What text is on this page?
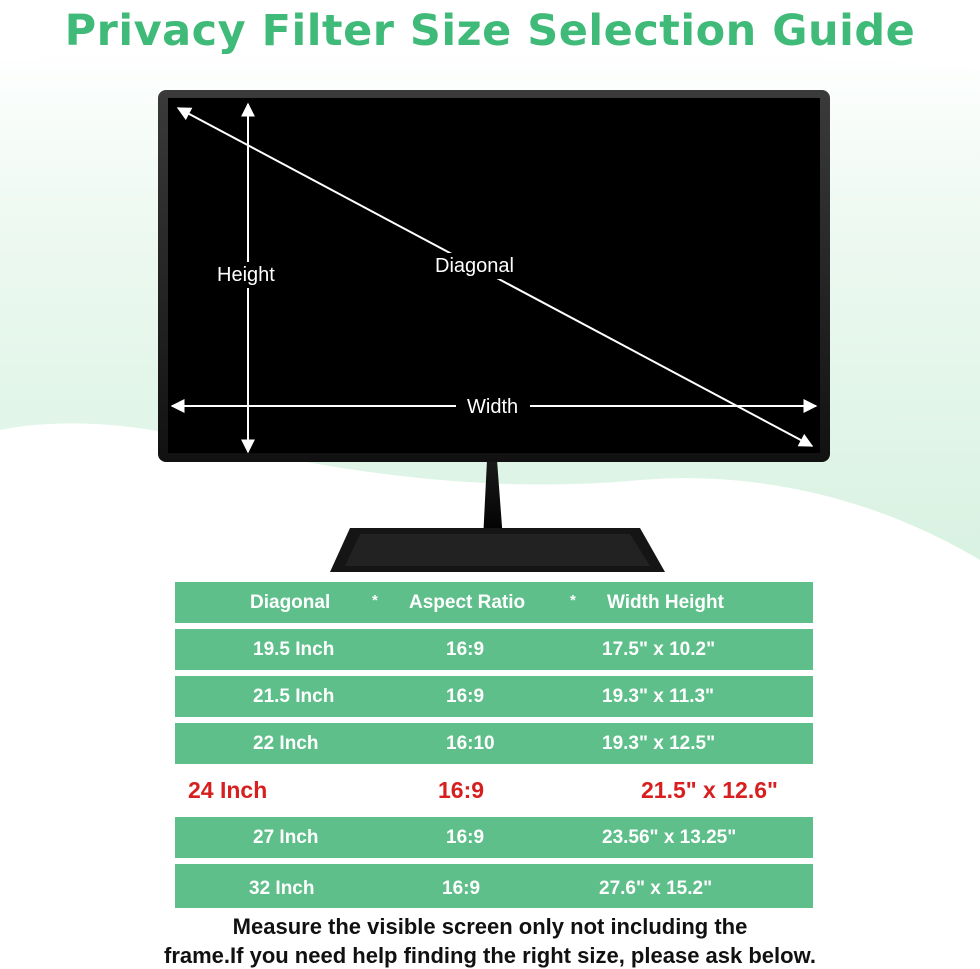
Privacy Filter Size Selection Guide
Height	Diagonal
Width
Diagonal	* Aspect Ratio	* Width Height
19.5 Inch	16:9	17.5" x 10.2"
21.5 Inch	16:9	19.3" x 11.3"
22 Inch	16:10	19.3" x 12.5"
24 Inch	16:9	21.5" x 12.6"
27 Inch	16:9	23.56" x 13.25"
32 Inch	16:9	27.6" x 15.2"
Measure the visible screen only not including the
frame.If you need help finding the right size, please ask below.
